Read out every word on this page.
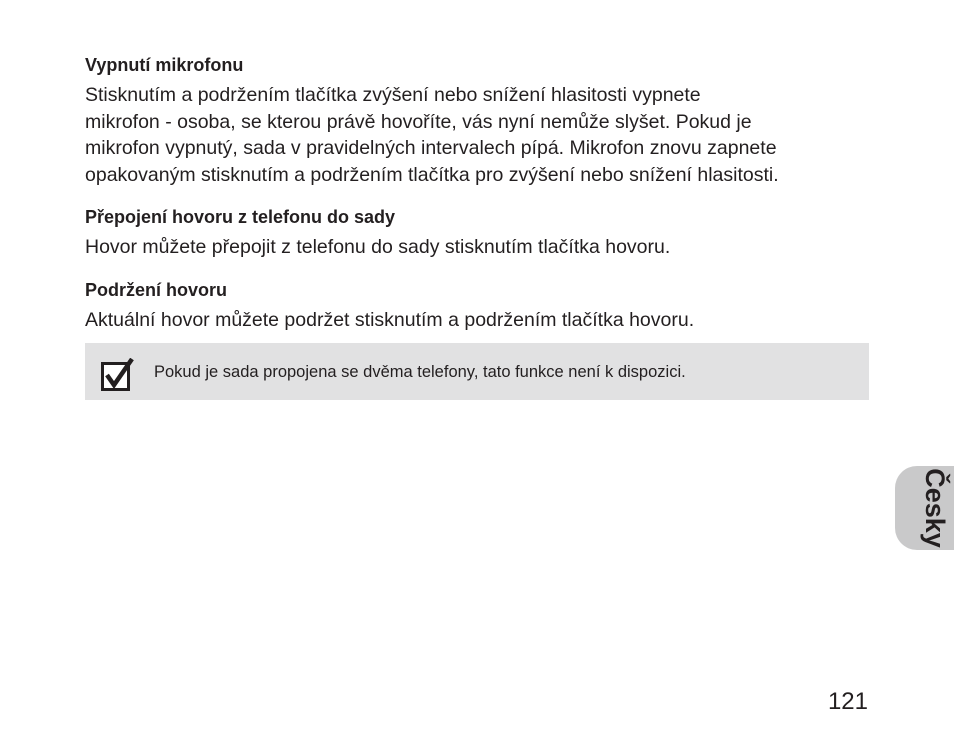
Vypnutí mikrofonu

Stisknutím a podržením tlačítka zvýšení nebo snížení hlasitosti vypnete
mikrofon - osoba, se kterou právě hovoříte, vás nyní nemůže slyšet. Pokud je
mikrofon vypnutý, sada v pravidelných intervalech pípá. Mikrofon znovu zapnete
opakovaným stisknutím a podržením tlačítka pro zvýšení nebo snížení hlasitosti.

Přepojení hovoru z telefonu do sady

Hovor můžete přepojit z telefonu do sady stisknutím tlačítka hovoru.

Podržení hovoru

Aktuální hovor můžete podržet stisknutím a podržením tlačítka hovoru.

Pokud je sada propojena se dvěma telefony, tato funkce není k dispozici.
Česky
121
